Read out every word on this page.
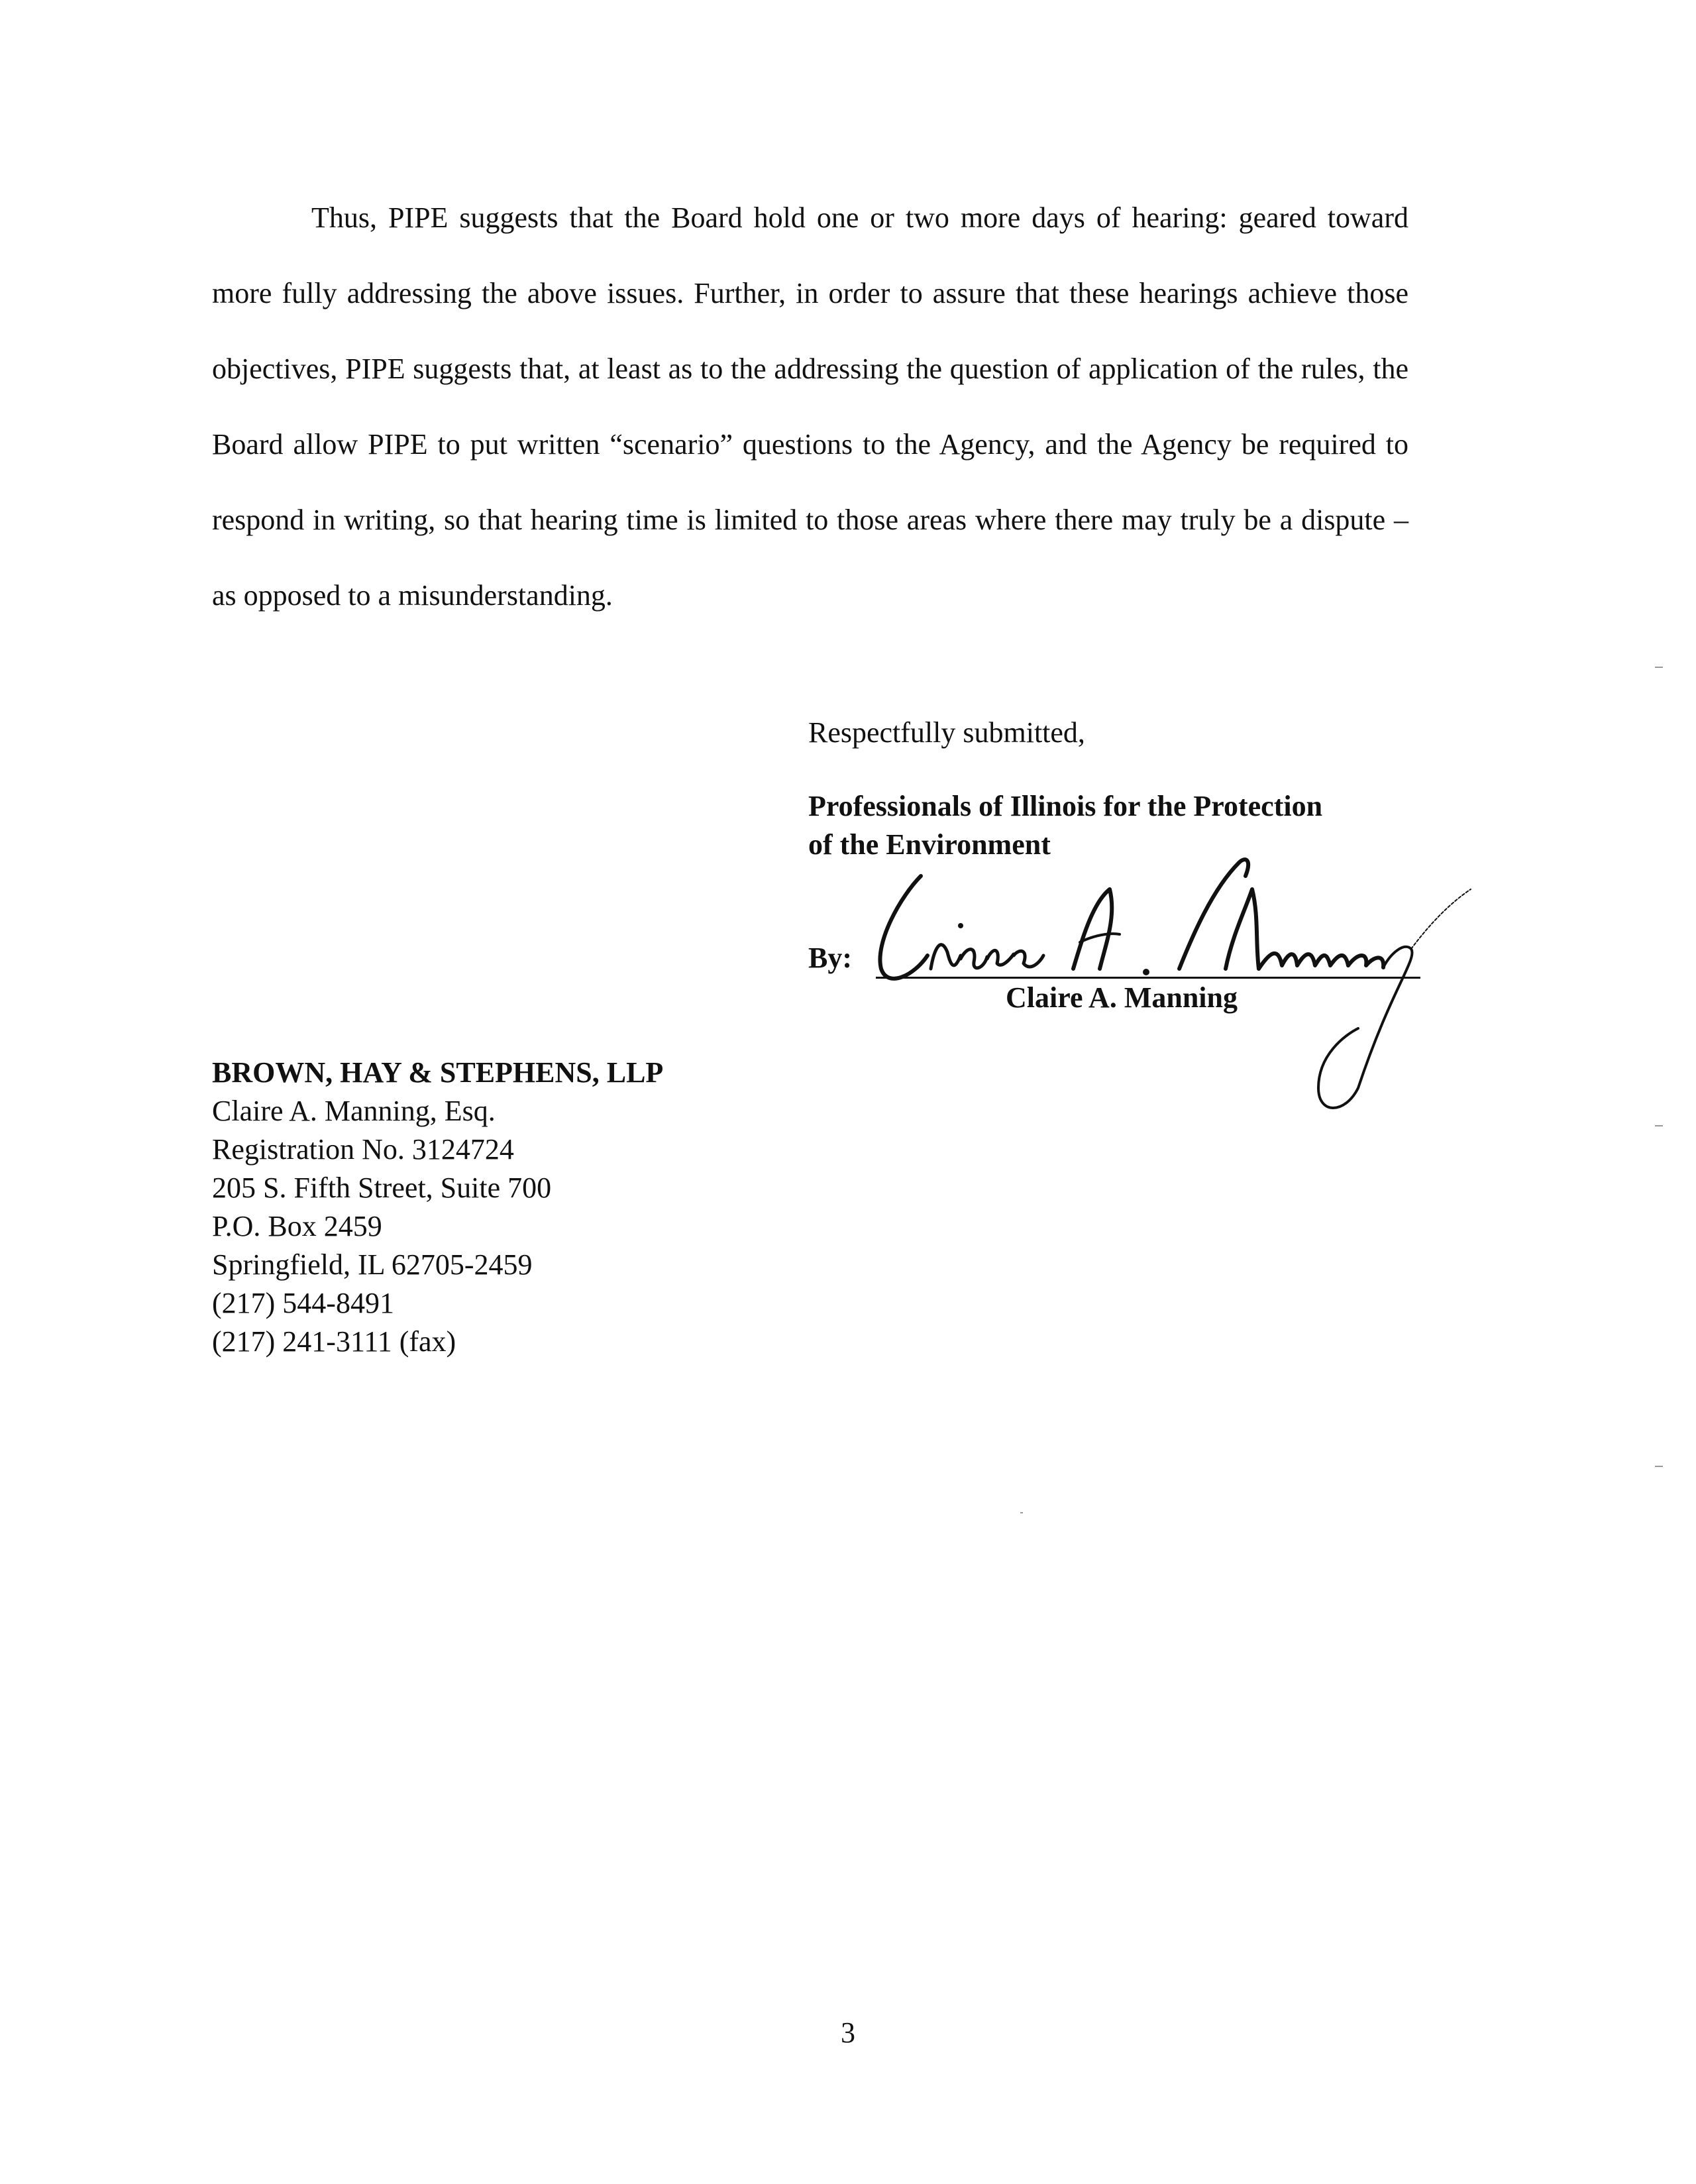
Thus, PIPE suggests that the Board hold one or two more days of hearing: geared toward more fully addressing the above issues. Further, in order to assure that these hearings achieve those objectives, PIPE suggests that, at least as to the addressing the question of application of the rules, the Board allow PIPE to put written “scenario” questions to the Agency, and the Agency be required to respond in writing, so that hearing time is limited to those areas where there may truly be a dispute – as opposed to a misunderstanding.

Respectfully submitted,

Professionals of Illinois for the Protection
of the Environment

By:
Claire A. Manning
BROWN, HAY & STEPHENS, LLP
Claire A. Manning, Esq.
Registration No. 3124724
205 S. Fifth Street, Suite 700
P.O. Box 2459
Springfield, IL 62705-2459
(217) 544-8491
(217) 241-3111 (fax)
3
